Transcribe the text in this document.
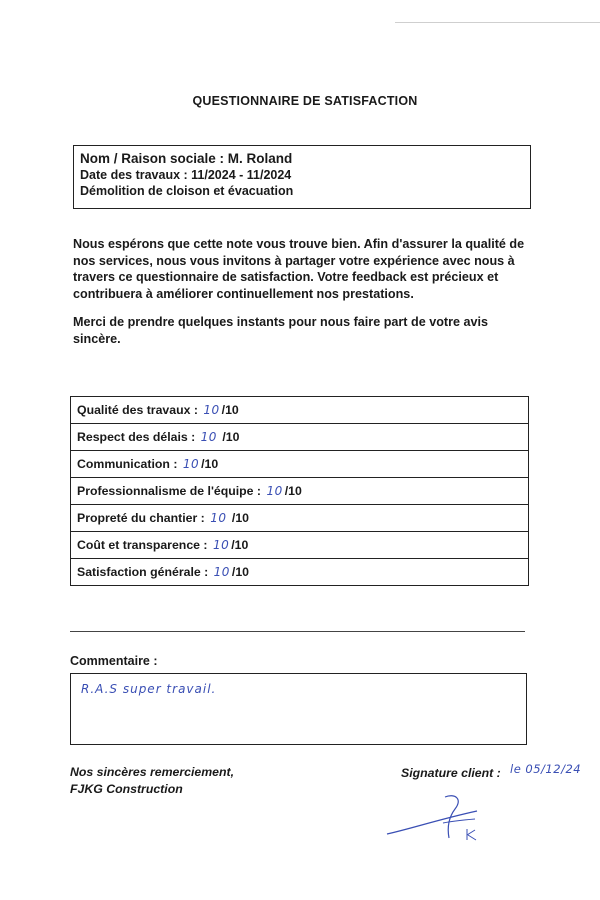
QUESTIONNAIRE DE SATISFACTION
Nom / Raison sociale : M. Roland
Date des travaux : 11/2024 - 11/2024
Démolition de cloison et évacuation

Nous espérons que cette note vous trouve bien. Afin d'assurer la qualité de nos services, nous vous invitons à partager votre expérience avec nous à travers ce questionnaire de satisfaction. Votre feedback est précieux et contribuera à améliorer continuellement nos prestations.

Merci de prendre quelques instants pour nous faire part de votre avis sincère.

Qualité des travaux : 10 /10
Respect des délais : 10 /10
Communication : 10 /10
Professionnalisme de l'équipe : 10 /10
Propreté du chantier : 10 /10
Coût et transparence : 10 /10
Satisfaction générale : 10 /10
Commentaire :
R.A.S super travail.
Nos sincères remerciement,
FJKG Construction
Signature client : le 05/12/24
